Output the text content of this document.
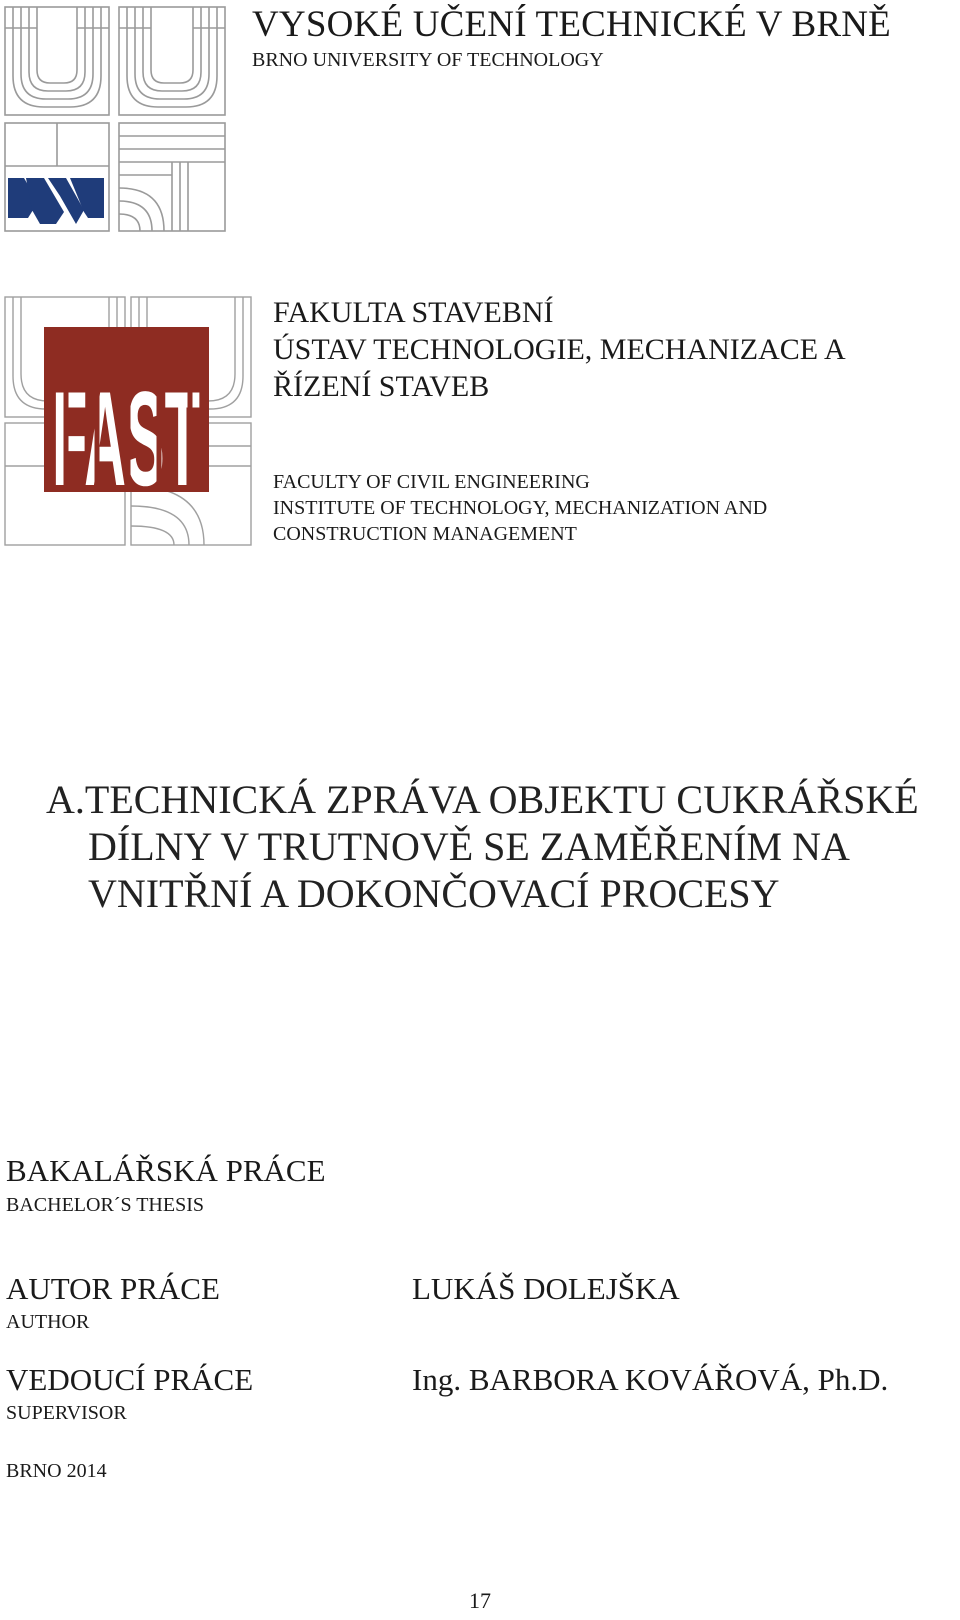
VYSOKÉ UČENÍ TECHNICKÉ V BRNĚ
BRNO UNIVERSITY OF TECHNOLOGY
FAST
FAKULTA STAVEBNÍ
ÚSTAV TECHNOLOGIE, MECHANIZACE A
ŘÍZENÍ STAVEB
FACULTY OF CIVIL ENGINEERING
INSTITUTE OF TECHNOLOGY, MECHANIZATION AND
CONSTRUCTION MANAGEMENT
A.TECHNICKÁ ZPRÁVA OBJEKTU CUKRÁŘSKÉ
DÍLNY V TRUTNOVĚ SE ZAMĚŘENÍM NA
VNITŘNÍ A DOKONČOVACÍ PROCESY
BAKALÁŘSKÁ PRÁCE
BACHELOR´S THESIS
AUTOR PRÁCE
AUTHOR
LUKÁŠ DOLEJŠKA
VEDOUCÍ PRÁCE
SUPERVISOR
Ing. BARBORA KOVÁŘOVÁ, Ph.D.
BRNO 2014
17
